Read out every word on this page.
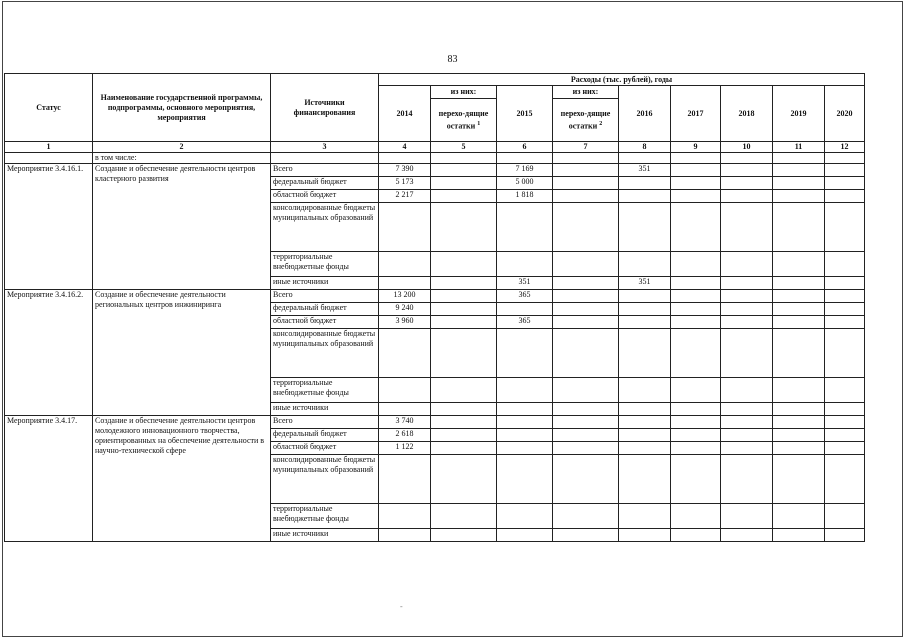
83
Статус	Наименование государственной программы, подпрограммы, основного мероприятия, мероприятия	Источники финансирования	Расходы (тыс. рублей), годы								
			2014	из них:	2015	из них:	2016	2017	2018	2019	2020
				перехо-дящие остатки $^1$		перехо-дящие остатки $^2$
1	2	3	4	5	6	7	8	9	10	11	12
	в том числе:										
Мероприятие 3.4.16.1.	Создание и обеспечение деятельности центров кластерного развития	Всего	7 390		7 169		351				
		федеральный бюджет	5 173		5 000						
		областной бюджет	2 217		1 818						
		консолидированные бюджеты муниципальных образований									
		территориальные внебюджетные фонды									
		иные источники			351		351				
Мероприятие 3.4.16.2.	Создание и обеспечение деятельности региональных центров инжиниринга	Всего	13 200		365						
		федеральный бюджет	9 240								
		областной бюджет	3 960		365						
		консолидированные бюджеты муниципальных образований									
		территориальные внебюджетные фонды									
		иные источники									
Мероприятие 3.4.17.	Создание и обеспечение деятельности центров молодежного инновационного творчества, ориентированных на обеспечение деятельности в научно-технической сфере	Всего	3 740								
		федеральный бюджет	2 618								
		областной бюджет	1 122								
		консолидированные бюджеты муниципальных образований									
		территориальные внебюджетные фонды									
		иные источники									
-
